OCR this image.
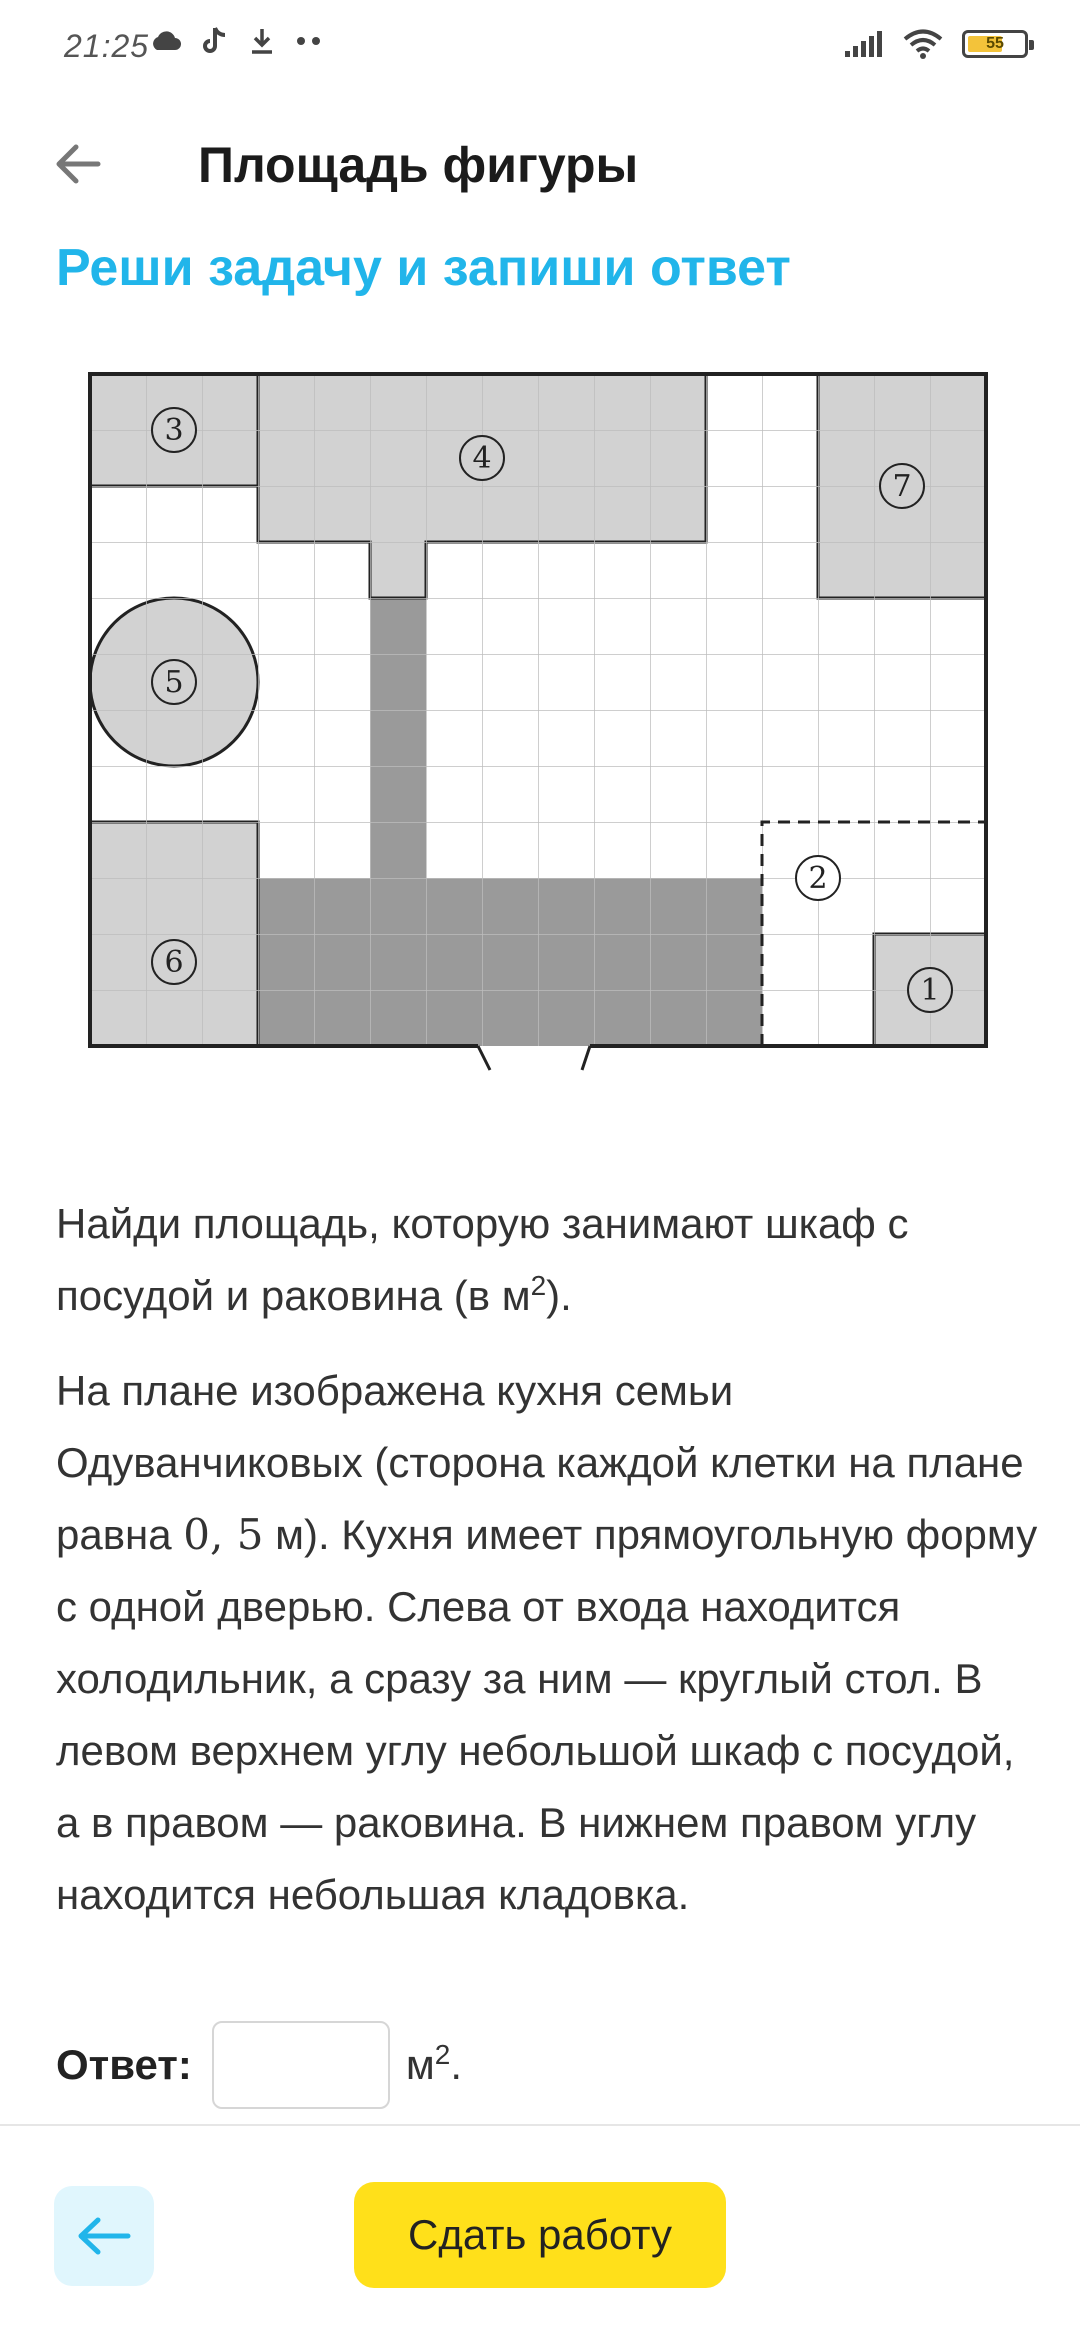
21:25	55
Площадь фигуры
Реши задачу и запиши ответ
3
4
7
5
2
6
1
Найди площадь, которую занимают шкаф с посудой и раковина (в $м^2$).
На плане изображена кухня семьи Одуванчиковых (сторона каждой клетки на плане равна 0, 5 м). Кухня имеет прямоугольную форму с одной дверью. Слева от входа находится холодильник, а сразу за ним — круглый стол. В левом верхнем углу небольшой шкаф с посудой, а в правом — раковина. В нижнем правом углу находится небольшая кладовка.
Ответ:	$м^2$.
Сдать работу
